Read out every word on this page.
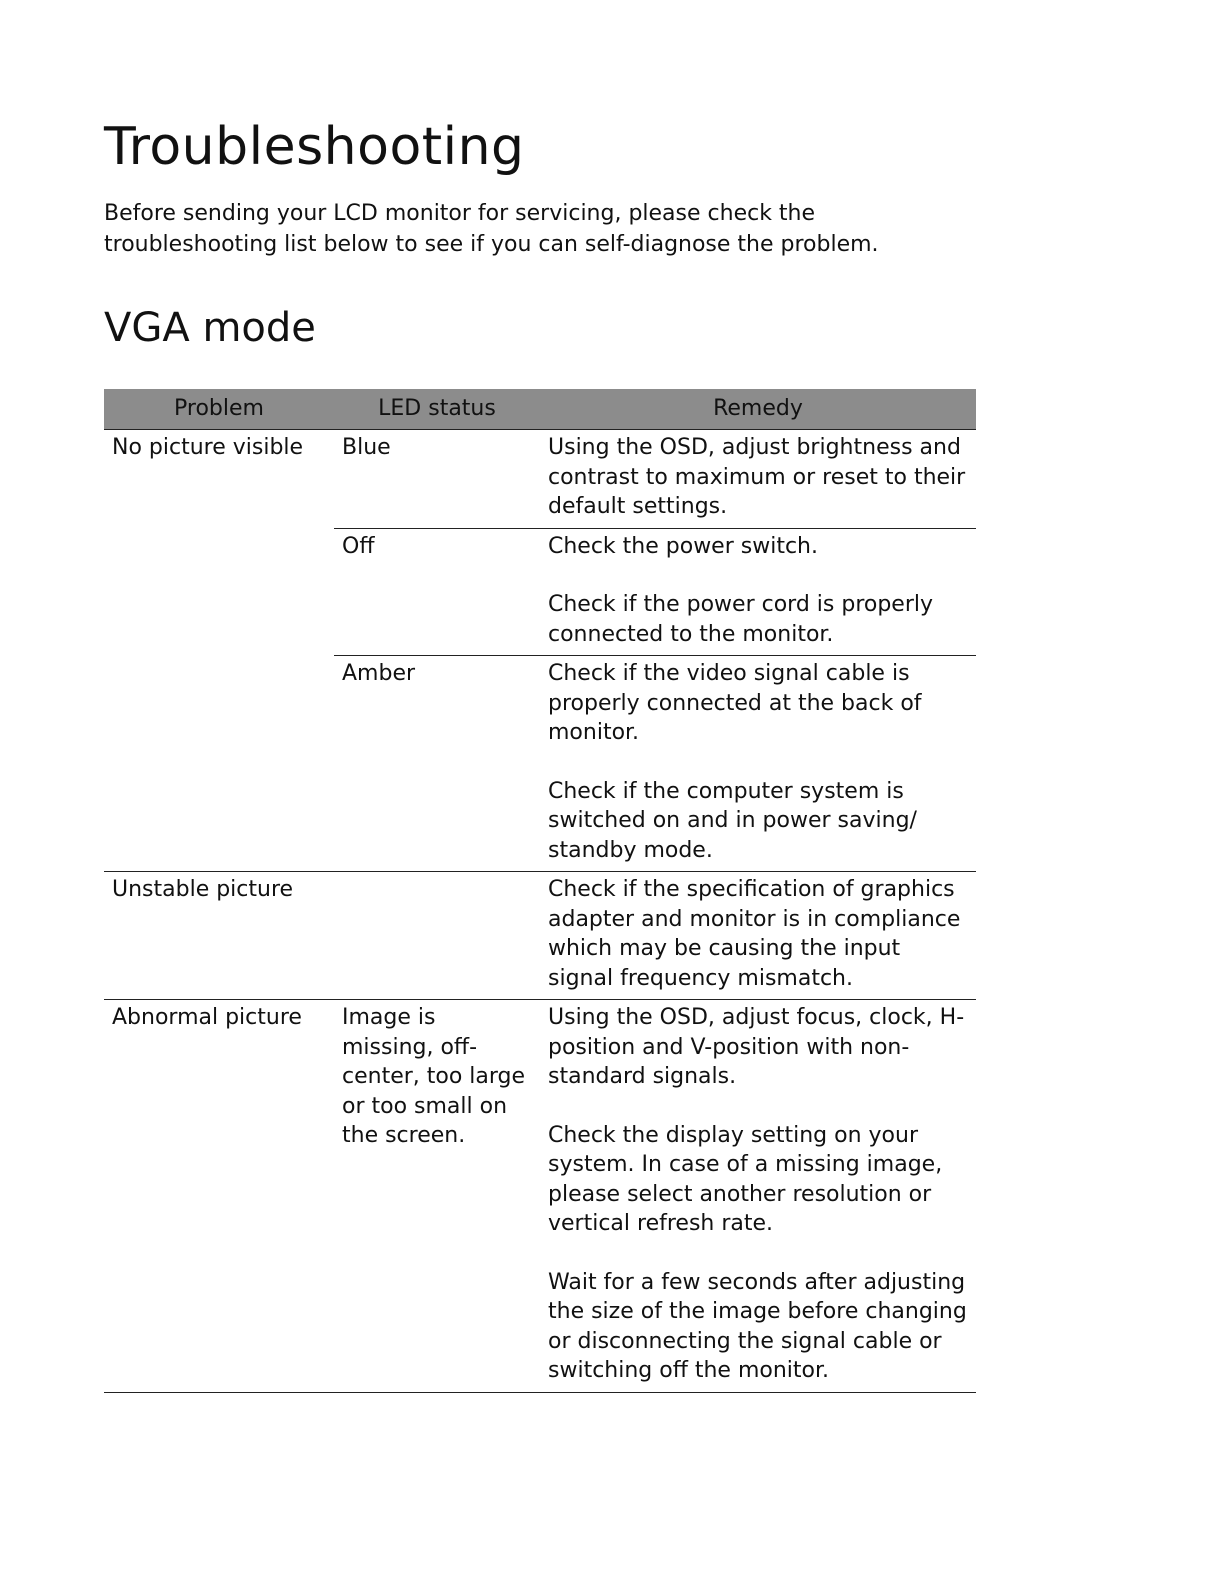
Troubleshooting

Before sending your LCD monitor for servicing, please check the troubleshooting list below to see if you can self-diagnose the problem.

VGA mode
Problem	LED status	Remedy
No picture visible	Blue	Using the OSD, adjust brightness and contrast to maximum or reset to their default settings.

	Off	Check the power switch.
Check if the power cord is properly connected to the monitor.

	Amber	Check if the video signal cable is properly connected at the back of monitor.
Check if the computer system is switched on and in power saving/ standby mode.

Unstable picture		Check if the specification of graphics adapter and monitor is in compliance which may be causing the input signal frequency mismatch.

Abnormal picture	Image is missing, off-center, too large or too small on the screen.	Using the OSD, adjust focus, clock, H-position and V-position with non-standard signals.
Check the display setting on your system. In case of a missing image, please select another resolution or vertical refresh rate.
Wait for a few seconds after adjusting the size of the image before changing or disconnecting the signal cable or switching off the monitor.
